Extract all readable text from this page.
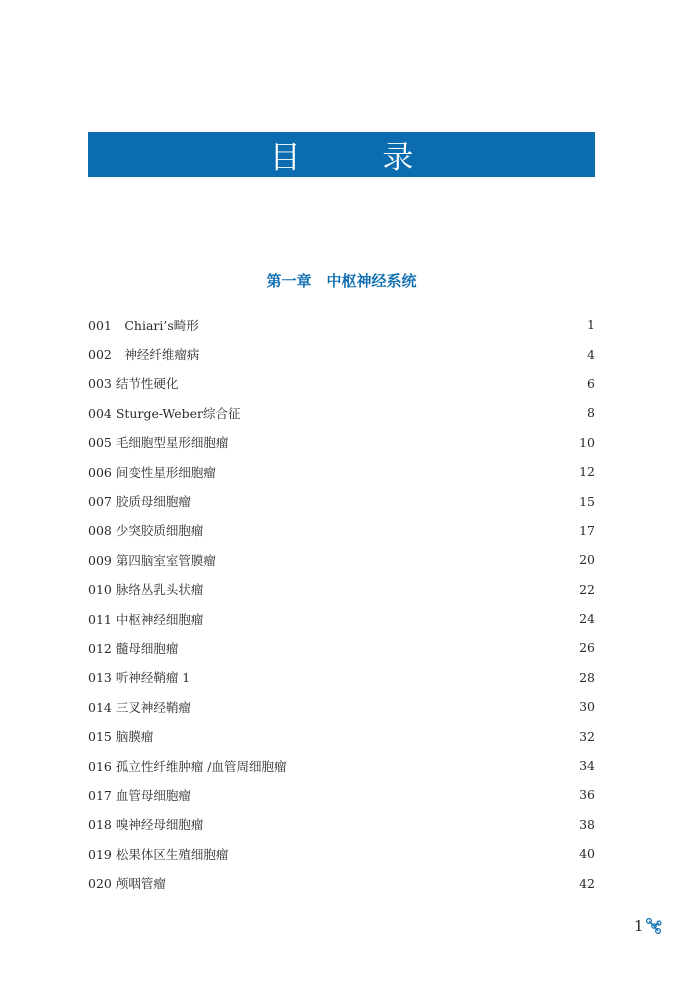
目 录
第一章　中枢神经系统
001　Chiari’s畸形	1
002　神经纤维瘤病	4
003 结节性硬化	6
004 Sturge-Weber综合征	8
005 毛细胞型星形细胞瘤	10
006 间变性星形细胞瘤	12
007 胶质母细胞瘤	15
008 少突胶质细胞瘤	17
009 第四脑室室管膜瘤	20
010 脉络丛乳头状瘤	22
011 中枢神经细胞瘤	24
012 髓母细胞瘤	26
013 听神经鞘瘤 1	28
014 三叉神经鞘瘤	30
015 脑膜瘤	32
016 孤立性纤维肿瘤 /血管周细胞瘤	34
017 血管母细胞瘤	36
018 嗅神经母细胞瘤	38
019 松果体区生殖细胞瘤	40
020 颅咽管瘤	42
1
